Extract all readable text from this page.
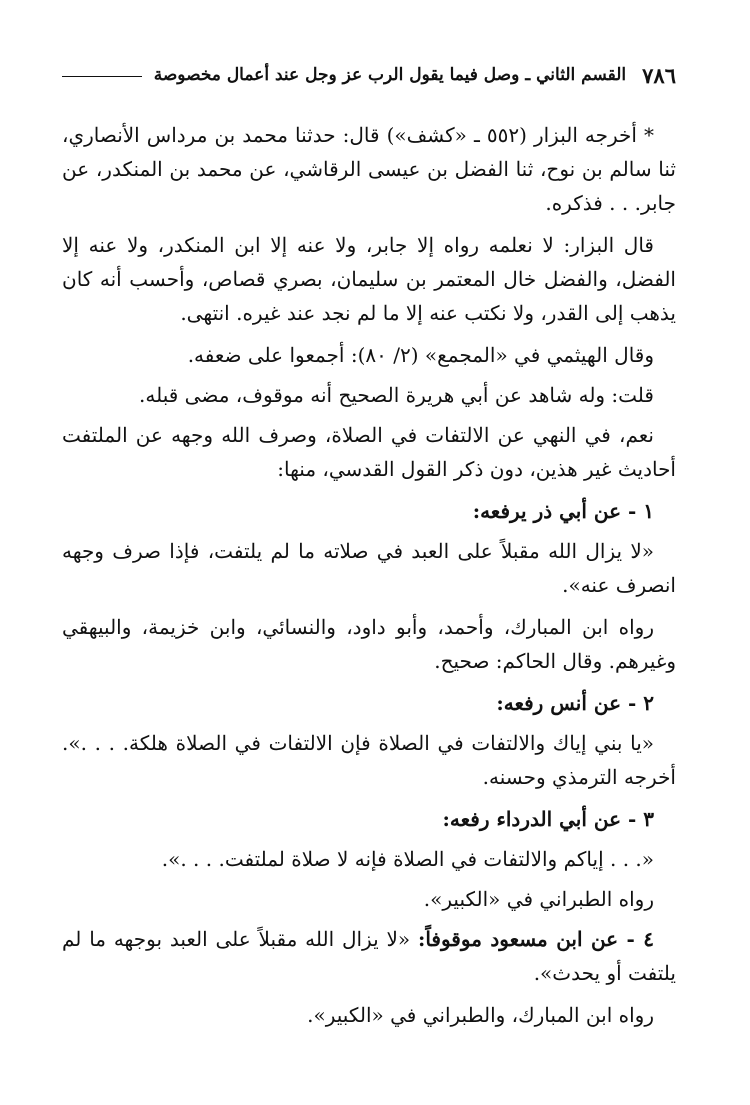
٧٨٦
القسم الثاني ـ وصل فيما يقول الرب عز وجل عند أعمال مخصوصة

* أخرجه البزار (٥٥٢ ـ «كشف») قال: حدثنا محمد بن مرداس الأنصاري، ثنا سالم بن نوح، ثنا الفضل بن عيسى الرقاشي، عن محمد بن المنكدر، عن جابر. . . فذكره.

قال البزار: لا نعلمه رواه إلا جابر، ولا عنه إلا ابن المنكدر، ولا عنه إلا الفضل، والفضل خال المعتمر بن سليمان، بصري قصاص، وأحسب أنه كان يذهب إلى القدر، ولا نكتب عنه إلا ما لم نجد عند غيره. انتهى.

وقال الهيثمي في «المجمع» (٢/ ٨٠): أجمعوا على ضعفه.

قلت: وله شاهد عن أبي هريرة الصحيح أنه موقوف، مضى قبله.

نعم، في النهي عن الالتفات في الصلاة، وصرف الله وجهه عن الملتفت أحاديث غير هذين، دون ذكر القول القدسي، منها:

١ - عن أبي ذر يرفعه:

«لا يزال الله مقبلاً على العبد في صلاته ما لم يلتفت، فإذا صرف وجهه انصرف عنه».

رواه ابن المبارك، وأحمد، وأبو داود، والنسائي، وابن خزيمة، والبيهقي وغيرهم. وقال الحاكم: صحيح.

٢ - عن أنس رفعه:

«يا بني إياك والالتفات في الصلاة فإن الالتفات في الصلاة هلكة. . . .». أخرجه الترمذي وحسنه.

٣ - عن أبي الدرداء رفعه:

«. . . إياكم والالتفات في الصلاة فإنه لا صلاة لملتفت. . . .».

رواه الطبراني في «الكبير».

٤ - عن ابن مسعود موقوفاً: «لا يزال الله مقبلاً على العبد بوجهه ما لم يلتفت أو يحدث».

رواه ابن المبارك، والطبراني في «الكبير».
